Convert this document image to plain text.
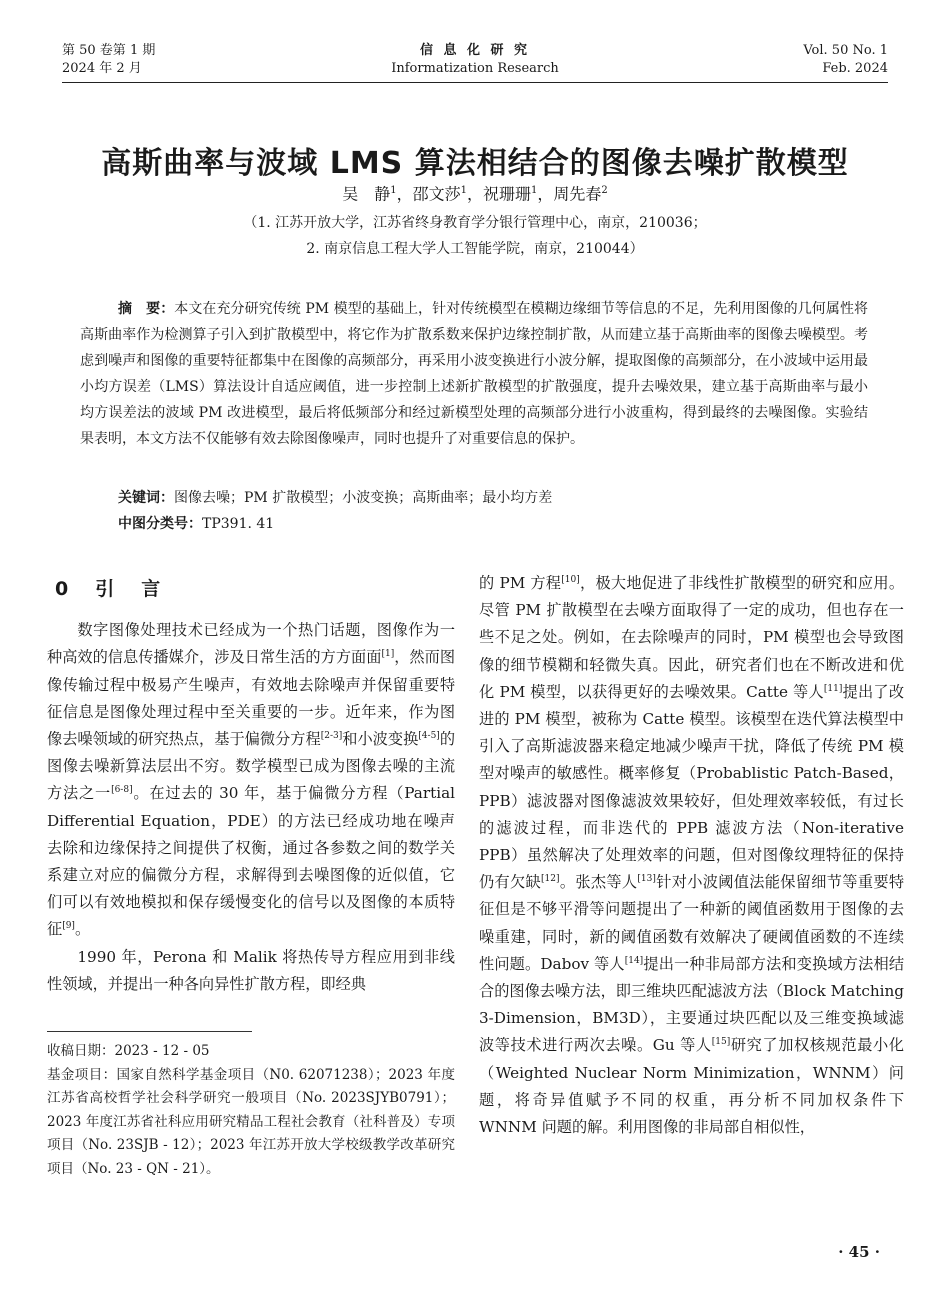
第 50 卷第 1 期
2024 年 2 月
信 息 化 研 究
Informatization Research
Vol. 50 No. 1
Feb. 2024
高斯曲率与波域 LMS 算法相结合的图像去噪扩散模型
吴　静$^1$，邵文莎$^1$，祝珊珊$^1$，周先春$^2$
（1. 江苏开放大学，江苏省终身教育学分银行管理中心，南京，210036；
2. 南京信息工程大学人工智能学院，南京，210044）
摘　要：本文在充分研究传统 PM 模型的基础上，针对传统模型在模糊边缘细节等信息的不足，先利用图像的几何属性将高斯曲率作为检测算子引入到扩散模型中，将它作为扩散系数来保护边缘控制扩散，从而建立基于高斯曲率的图像去噪模型。考虑到噪声和图像的重要特征都集中在图像的高频部分，再采用小波变换进行小波分解，提取图像的高频部分，在小波域中运用最小均方误差（LMS）算法设计自适应阈值，进一步控制上述新扩散模型的扩散强度，提升去噪效果，建立基于高斯曲率与最小均方误差法的波域 PM 改进模型，最后将低频部分和经过新模型处理的高频部分进行小波重构，得到最终的去噪图像。实验结果表明，本文方法不仅能够有效去除图像噪声，同时也提升了对重要信息的保护。
关键词：图像去噪；PM 扩散模型；小波变换；高斯曲率；最小均方差
中图分类号：TP391. 41
0　引　言

数字图像处理技术已经成为一个热门话题，图像作为一种高效的信息传播媒介，涉及日常生活的方方面面[1]，然而图像传输过程中极易产生噪声，有效地去除噪声并保留重要特征信息是图像处理过程中至关重要的一步。近年来，作为图像去噪领域的研究热点，基于偏微分方程[2-3]和小波变换[4-5]的图像去噪新算法层出不穷。数学模型已成为图像去噪的主流方法之一[6-8]。在过去的 30 年，基于偏微分方程（Partial Differential Equation，PDE）的方法已经成功地在噪声去除和边缘保持之间提供了权衡，通过各参数之间的数学关系建立对应的偏微分方程，求解得到去噪图像的近似值，它们可以有效地模拟和保存缓慢变化的信号以及图像的本质特征[9]。

1990 年，Perona 和 Malik 将热传导方程应用到非线性领域，并提出一种各向异性扩散方程，即经典

的 PM 方程[10]，极大地促进了非线性扩散模型的研究和应用。尽管 PM 扩散模型在去噪方面取得了一定的成功，但也存在一些不足之处。例如，在去除噪声的同时，PM 模型也会导致图像的细节模糊和轻微失真。因此，研究者们也在不断改进和优化 PM 模型，以获得更好的去噪效果。Catte 等人[11]提出了改进的 PM 模型，被称为 Catte 模型。该模型在迭代算法模型中引入了高斯滤波器来稳定地减少噪声干扰，降低了传统 PM 模型对噪声的敏感性。概率修复（Probablistic Patch-Based，PPB）滤波器对图像滤波效果较好，但处理效率较低，有过长的滤波过程，而非迭代的 PPB 滤波方法（Non-iterative PPB）虽然解决了处理效率的问题，但对图像纹理特征的保持仍有欠缺[12]。张杰等人[13]针对小波阈值法能保留细节等重要特征但是不够平滑等问题提出了一种新的阈值函数用于图像的去噪重建，同时，新的阈值函数有效解决了硬阈值函数的不连续性问题。Dabov 等人[14]提出一种非局部方法和变换域方法相结合的图像去噪方法，即三维块匹配滤波方法（Block Matching 3-Dimension，BM3D），主要通过块匹配以及三维变换域滤波等技术进行两次去噪。Gu 等人[15]研究了加权核规范最小化（Weighted Nuclear Norm Minimization，WNNM）问题，将奇异值赋予不同的权重，再分析不同加权条件下 WNNM 问题的解。利用图像的非局部自相似性，

收稿日期：2023 - 12 - 05

基金项目：国家自然科学基金项目（N0. 62071238）；2023 年度江苏省高校哲学社会科学研究一般项目（No. 2023SJYB0791）；2023 年度江苏省社科应用研究精品工程社会教育（社科普及）专项项目（No. 23SJB - 12）；2023 年江苏开放大学校级教学改革研究项目（No. 23 - QN - 21）。

· 45 ·
